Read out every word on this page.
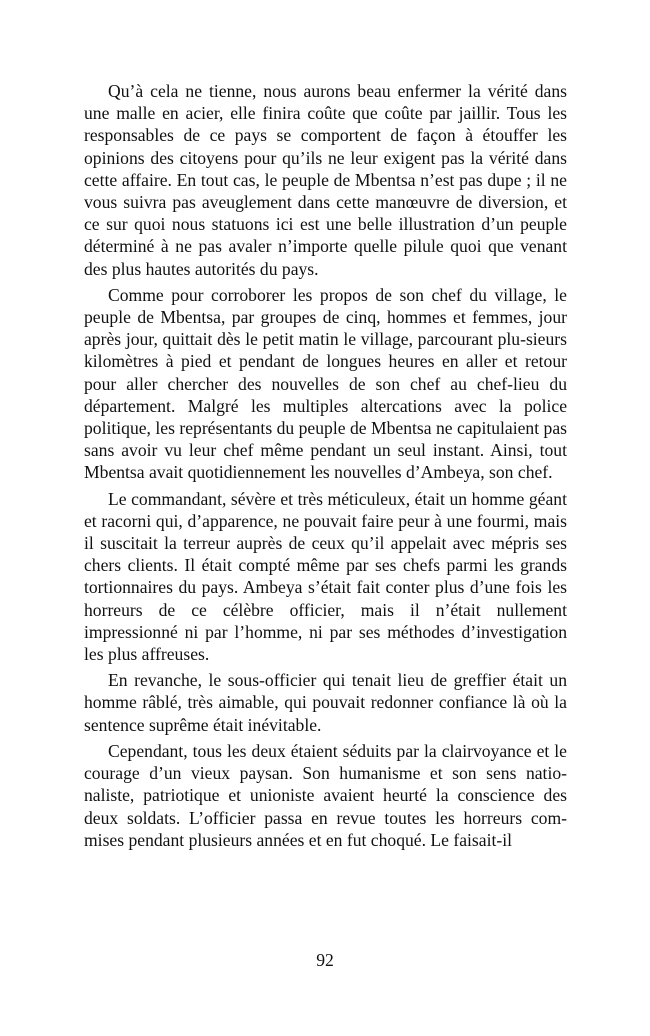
Qu’à cela ne tienne, nous aurons beau enfermer la vérité dans une malle en acier, elle finira coûte que coûte par jaillir. Tous les responsables de ce pays se comportent de façon à étouffer les opinions des citoyens pour qu’ils ne leur exigent pas la vérité dans cette affaire. En tout cas, le peuple de Mbentsa n’est pas dupe ; il ne vous suivra pas aveuglement dans cette manœuvre de diversion, et ce sur quoi nous statuons ici est une belle illustration d’un peuple déterminé à ne pas avaler n’importe quelle pilule quoi que venant des plus hautes autorités du pays.

Comme pour corroborer les propos de son chef du village, le peuple de Mbentsa, par groupes de cinq, hommes et femmes, jour après jour, quittait dès le petit matin le village, parcourant plu-sieurs kilomètres à pied et pendant de longues heures en aller et retour pour aller chercher des nouvelles de son chef au chef-lieu du département. Malgré les multiples altercations avec la police politique, les représentants du peuple de Mbentsa ne capitulaient pas sans avoir vu leur chef même pendant un seul instant. Ainsi, tout Mbentsa avait quotidiennement les nouvelles d’Ambeya, son chef.

Le commandant, sévère et très méticuleux, était un homme géant et racorni qui, d’apparence, ne pouvait faire peur à une fourmi, mais il suscitait la terreur auprès de ceux qu’il appelait avec mépris ses chers clients. Il était compté même par ses chefs parmi les grands tortionnaires du pays. Ambeya s’était fait conter plus d’une fois les horreurs de ce célèbre officier, mais il n’était nullement impressionné ni par l’homme, ni par ses méthodes d’investigation les plus affreuses.

En revanche, le sous-officier qui tenait lieu de greffier était un homme râblé, très aimable, qui pouvait redonner confiance là où la sentence suprême était inévitable.

Cependant, tous les deux étaient séduits par la clairvoyance et le courage d’un vieux paysan. Son humanisme et son sens natio-naliste, patriotique et unioniste avaient heurté la conscience des deux soldats. L’officier passa en revue toutes les horreurs com-mises pendant plusieurs années et en fut choqué. Le faisait-il

92
